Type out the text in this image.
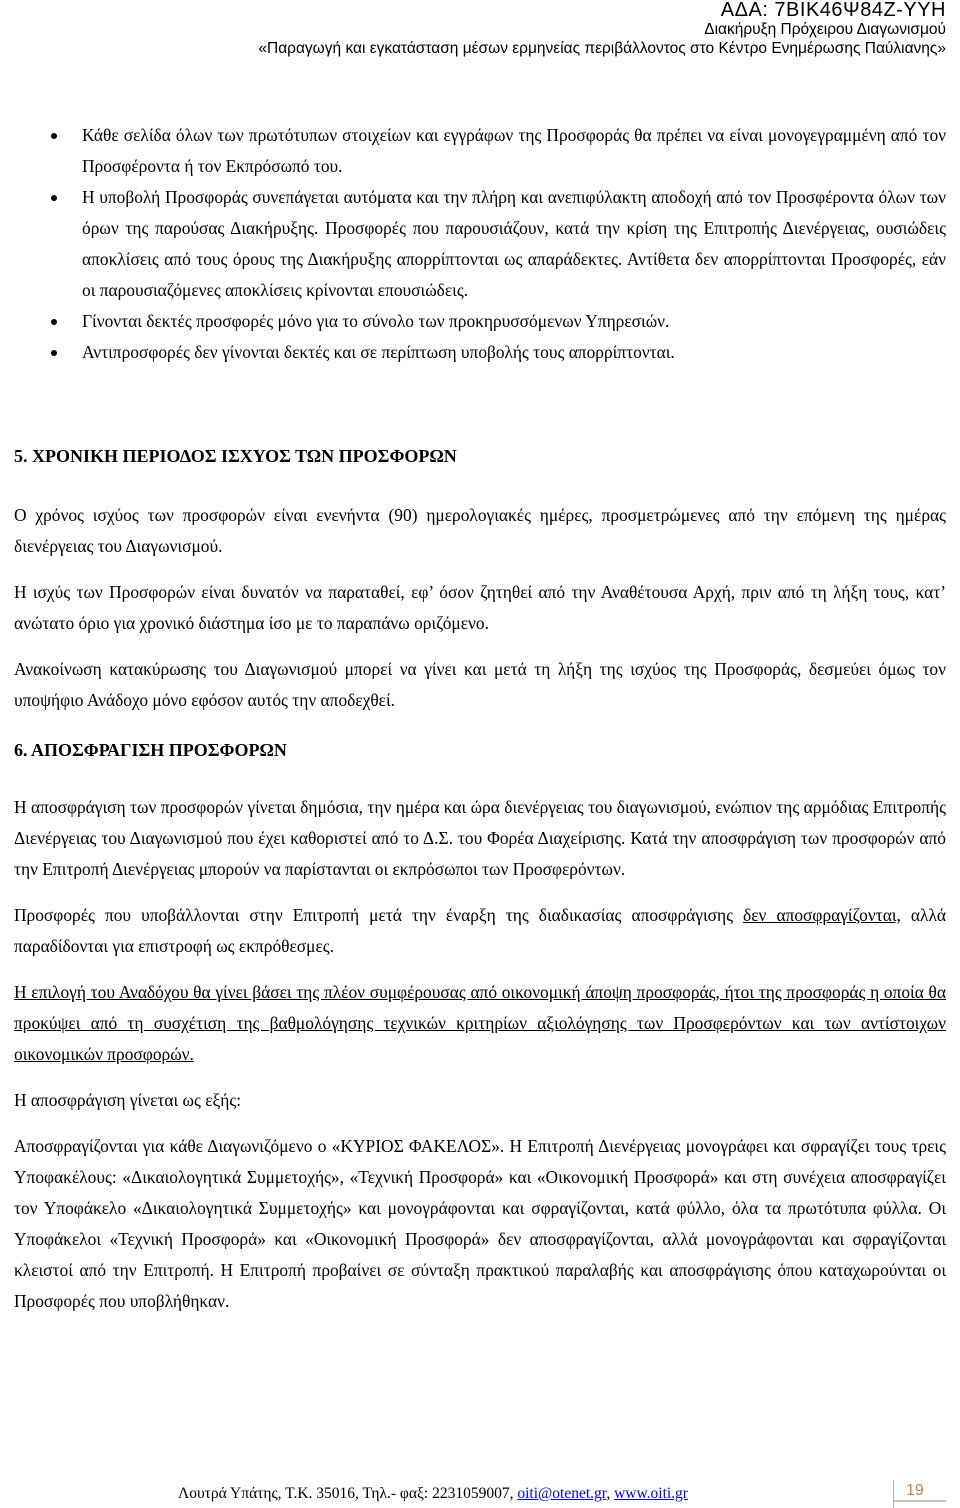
ΑΔΑ: 7ΒΙΚ46Ψ84Ζ-ΥΥΗ
Διακήρυξη Πρόχειρου Διαγωνισμού
«Παραγωγή και εγκατάσταση μέσων ερμηνείας περιβάλλοντος στο Κέντρο Ενημέρωσης Παύλιανης»
Κάθε σελίδα όλων των πρωτότυπων στοιχείων και εγγράφων της Προσφοράς θα πρέπει να είναι μονογεγραμμένη από τον Προσφέροντα ή τον Εκπρόσωπό του.
Η υποβολή Προσφοράς συνεπάγεται αυτόματα και την πλήρη και ανεπιφύλακτη αποδοχή από τον Προσφέροντα όλων των όρων της παρούσας Διακήρυξης. Προσφορές που παρουσιάζουν, κατά την κρίση της Επιτροπής Διενέργειας, ουσιώδεις αποκλίσεις από τους όρους της Διακήρυξης απορρίπτονται ως απαράδεκτες. Αντίθετα δεν απορρίπτονται Προσφορές, εάν οι παρουσιαζόμενες αποκλίσεις κρίνονται επουσιώδεις.
Γίνονται δεκτές προσφορές μόνο για το σύνολο των προκηρυσσόμενων Υπηρεσιών.
Αντιπροσφορές δεν γίνονται δεκτές και σε περίπτωση υποβολής τους απορρίπτονται.
5. ΧΡΟΝΙΚΗ ΠΕΡΙΟΔΟΣ ΙΣΧΥΟΣ ΤΩΝ ΠΡΟΣΦΟΡΩΝ

Ο χρόνος ισχύος των προσφορών είναι ενενήντα (90) ημερολογιακές ημέρες, προσμετρώμενες από την επόμενη της ημέρας διενέργειας του Διαγωνισμού.

Η ισχύς των Προσφορών είναι δυνατόν να παραταθεί, εφ’ όσον ζητηθεί από την Αναθέτουσα Αρχή, πριν από τη λήξη τους, κατ’ ανώτατο όριο για χρονικό διάστημα ίσο με το παραπάνω οριζόμενο.

Ανακοίνωση κατακύρωσης του Διαγωνισμού μπορεί να γίνει και μετά τη λήξη της ισχύος της Προσφοράς, δεσμεύει όμως τον υποψήφιο Ανάδοχο μόνο εφόσον αυτός την αποδεχθεί.

6. ΑΠΟΣΦΡΑΓΙΣΗ ΠΡΟΣΦΟΡΩΝ

Η αποσφράγιση των προσφορών γίνεται δημόσια, την ημέρα και ώρα διενέργειας του διαγωνισμού, ενώπιον της αρμόδιας Επιτροπής Διενέργειας του Διαγωνισμού που έχει καθοριστεί από το Δ.Σ. του Φορέα Διαχείρισης. Κατά την αποσφράγιση των προσφορών από την Επιτροπή Διενέργειας μπορούν να παρίστανται οι εκπρόσωποι των Προσφερόντων.

Προσφορές που υποβάλλονται στην Επιτροπή μετά την έναρξη της διαδικασίας αποσφράγισης δεν αποσφραγίζονται, αλλά παραδίδονται για επιστροφή ως εκπρόθεσμες.

Η επιλογή του Αναδόχου θα γίνει βάσει της πλέον συμφέρουσας από οικονομική άποψη προσφοράς, ήτοι της προσφοράς η οποία θα προκύψει από τη συσχέτιση της βαθμολόγησης τεχνικών κριτηρίων αξιολόγησης των Προσφερόντων και των αντίστοιχων οικονομικών προσφορών.

Η αποσφράγιση γίνεται ως εξής:

Αποσφραγίζονται για κάθε Διαγωνιζόμενο ο «ΚΥΡΙΟΣ ΦΑΚΕΛΟΣ». Η Επιτροπή Διενέργειας μονογράφει και σφραγίζει τους τρεις Υποφακέλους: «Δικαιολογητικά Συμμετοχής», «Τεχνική Προσφορά» και «Οικονομική Προσφορά» και στη συνέχεια αποσφραγίζει τον Υποφάκελο «Δικαιολογητικά Συμμετοχής» και μονογράφονται και σφραγίζονται, κατά φύλλο, όλα τα πρωτότυπα φύλλα. Οι Υποφάκελοι «Τεχνική Προσφορά» και «Οικονομική Προσφορά» δεν αποσφραγίζονται, αλλά μονογράφονται και σφραγίζονται κλειστοί από την Επιτροπή. Η Επιτροπή προβαίνει σε σύνταξη πρακτικού παραλαβής και αποσφράγισης όπου καταχωρούνται οι Προσφορές που υποβλήθηκαν.

Λουτρά Υπάτης, Τ.Κ. 35016, Τηλ.- φαξ: 2231059007, oiti@otenet.gr, www.oiti.gr	19
